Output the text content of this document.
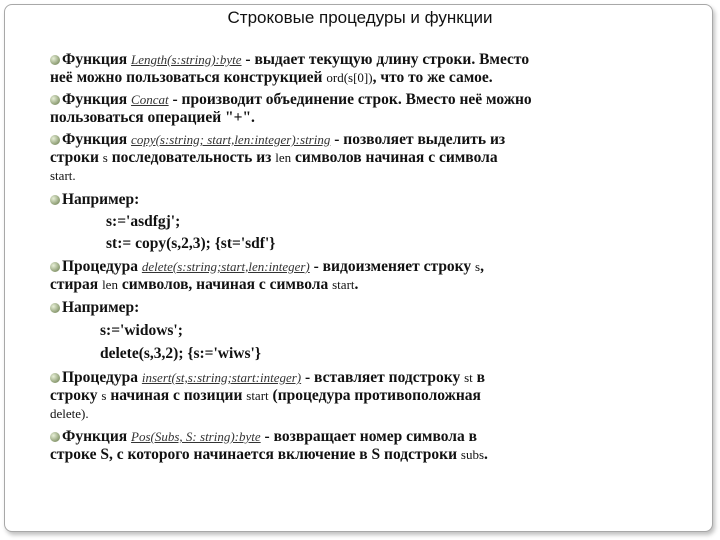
Строковые процедуры и функции
Функция Length(s:string):byte - выдает текущую длину строки. Вместо
неё можно пользоваться конструкцией ord(s[0]), что то же самое.
Функция Concat - производит объединение строк. Вместо неё можно
пользоваться операцией "+".
Функция copy(s:string; start,len:integer):string - позволяет выделить из
строки s последовательность из len символов начиная с символа
start.
Например:
s:='asdfgj';
st:= copy(s,2,3); {st='sdf'}
Процедура delete(s:string;start,len:integer) - видоизменяет строку s,
стирая len символов, начиная с символа start.
Например:
s:='widows';
delete(s,3,2); {s:='wiws'}
Процедура insert(st,s:string;start:integer) - вставляет подстроку st в
строку s начиная с позиции start (процедура противоположная
delete).
Функция Pos(Subs, S: string):byte - возвращает номер символа в
строке S, с которого начинается включение в S подстроки subs.
